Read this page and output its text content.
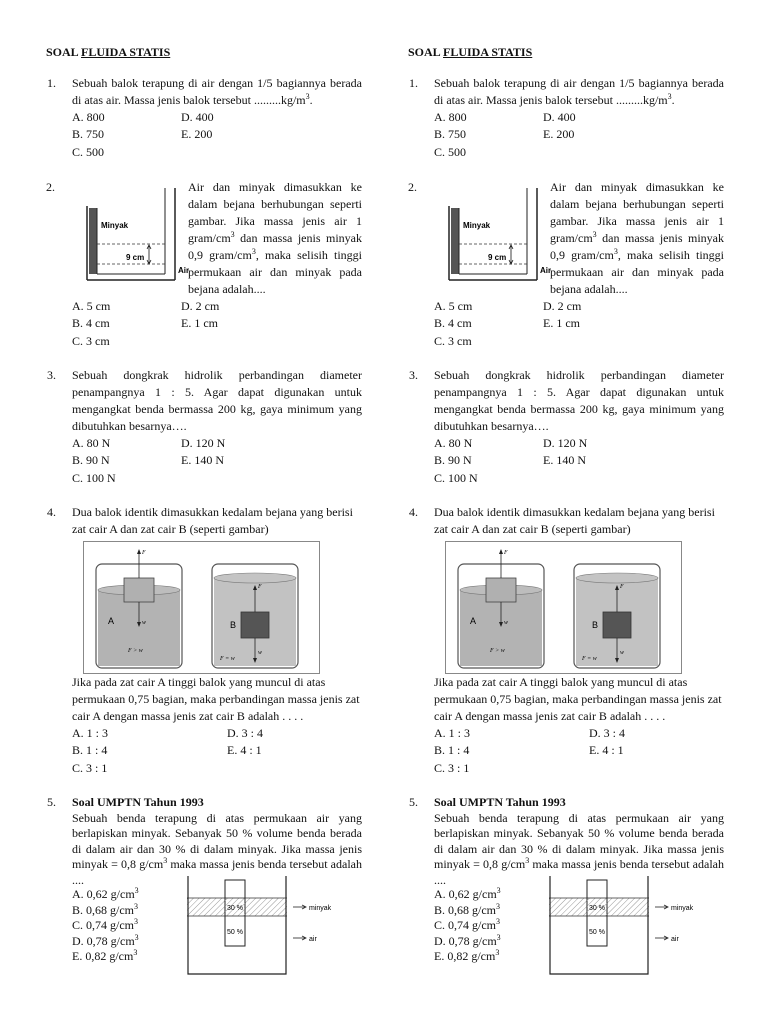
SOAL FLUIDA STATIS
1. Sebuah balok terapung di air dengan 1/5 bagiannya berada di atas air. Massa jenis balok tersebut $.........kg/m^3$.
A. 800
B. 750
C. 500
D. 400
E. 200
2.
Minyak
9 cm
Air
Air dan minyak dimasukkan ke dalam bejana berhubungan seperti gambar. Jika massa jenis air 1 gram/$cm^3$ dan massa jenis minyak 0,9 gram/$cm^3$, maka selisih tinggi permukaan air dan minyak pada bejana adalah....
A. 5 cm
B. 4 cm
C. 3 cm
D. 2 cm
E. 1 cm
3. Sebuah dongkrak hidrolik perbandingan diameter penampangnya 1 : 5. Agar dapat digunakan untuk mengangkat benda bermassa 200 kg, gaya minimum yang dibutuhkan besarnya….
A. 80 N
B. 90 N
C. 100 N
D. 120 N
E. 140 N
4. Dua balok identik dimasukkan kedalam bejana yang berisi zat cair A dan zat cair B (seperti gambar)
A	B
F
F
w
w
F > w
F = w
Jika pada zat cair A tinggi balok yang muncul di atas permukaan 0,75 bagian, maka perbandingan massa jenis zat cair A dengan massa jenis zat cair B adalah . . . .
A. 1 : 3
B. 1 : 4
C. 3 : 1
D. 3 : 4
E. 4 : 1
5. Soal UMPTN Tahun 1993
Sebuah benda terapung di atas permukaan air yang berlapiskan minyak. Sebanyak 50 % volume benda berada di dalam air dan 30 % di dalam minyak. Jika massa jenis minyak = 0,8 $g/cm^3$ maka massa jenis benda tersebut adalah ....
A. 0,62 $g/cm^3$
B. 0,68 $g/cm^3$
C. 0,74 $g/cm^3$
D. 0,78 $g/cm^3$
E. 0,82 $g/cm^3$
30 %
50 %
minyak
air
SOAL FLUIDA STATIS
1. Sebuah balok terapung di air dengan 1/5 bagiannya berada di atas air. Massa jenis balok tersebut $.........kg/m^3$.
A. 800
B. 750
C. 500
D. 400
E. 200
2.
Minyak
9 cm
Air
Air dan minyak dimasukkan ke dalam bejana berhubungan seperti gambar. Jika massa jenis air 1 gram/$cm^3$ dan massa jenis minyak 0,9 gram/$cm^3$, maka selisih tinggi permukaan air dan minyak pada bejana adalah....
A. 5 cm
B. 4 cm
C. 3 cm
D. 2 cm
E. 1 cm
3. Sebuah dongkrak hidrolik perbandingan diameter penampangnya 1 : 5. Agar dapat digunakan untuk mengangkat benda bermassa 200 kg, gaya minimum yang dibutuhkan besarnya….
A. 80 N
B. 90 N
C. 100 N
D. 120 N
E. 140 N
4. Dua balok identik dimasukkan kedalam bejana yang berisi zat cair A dan zat cair B (seperti gambar)
A	B
F
F
w
w
F > w
F = w
Jika pada zat cair A tinggi balok yang muncul di atas permukaan 0,75 bagian, maka perbandingan massa jenis zat cair A dengan massa jenis zat cair B adalah . . . .
A. 1 : 3
B. 1 : 4
C. 3 : 1
D. 3 : 4
E. 4 : 1
5. Soal UMPTN Tahun 1993
Sebuah benda terapung di atas permukaan air yang berlapiskan minyak. Sebanyak 50 % volume benda berada di dalam air dan 30 % di dalam minyak. Jika massa jenis minyak = 0,8 $g/cm^3$ maka massa jenis benda tersebut adalah ....
A. 0,62 $g/cm^3$
B. 0,68 $g/cm^3$
C. 0,74 $g/cm^3$
D. 0,78 $g/cm^3$
E. 0,82 $g/cm^3$
30 %
50 %
minyak
air
